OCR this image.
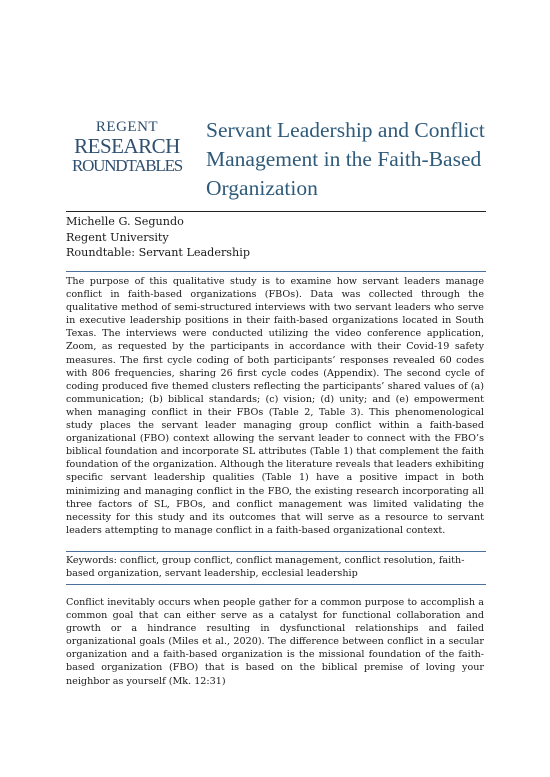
REGENT
RESEARCH
ROUNDTABLES
Servant Leadership and Conflict Management in the Faith-Based Organization
Michelle G. Segundo
Regent University
Roundtable: Servant Leadership
The purpose of this qualitative study is to examine how servant leaders manage conflict in faith-based organizations (FBOs). Data was collected through the qualitative method of semi-structured interviews with two servant leaders who serve in executive leadership positions in their faith-based organizations located in South Texas. The interviews were conducted utilizing the video conference application, Zoom, as requested by the participants in accordance with their Covid-19 safety measures. The first cycle coding of both participants’ responses revealed 60 codes with 806 frequencies, sharing 26 first cycle codes (Appendix). The second cycle of coding produced five themed clusters reflecting the participants’ shared values of (a) communication; (b) biblical standards; (c) vision; (d) unity; and (e) empowerment when managing conflict in their FBOs (Table 2, Table 3). This phenomenological study places the servant leader managing group conflict within a faith-based organizational (FBO) context allowing the servant leader to connect with the FBO’s biblical foundation and incorporate SL attributes (Table 1) that complement the faith foundation of the organization. Although the literature reveals that leaders exhibiting specific servant leadership qualities (Table 1) have a positive impact in both minimizing and managing conflict in the FBO, the existing research incorporating all three factors of SL, FBOs, and conflict management was limited validating the necessity for this study and its outcomes that will serve as a resource to servant leaders attempting to manage conflict in a faith-based organizational context.
Keywords: conflict, group conflict, conflict management, conflict resolution, faith-based organization, servant leadership, ecclesial leadership
Conflict inevitably occurs when people gather for a common purpose to accomplish a common goal that can either serve as a catalyst for functional collaboration and growth or a hindrance resulting in dysfunctional relationships and failed organizational goals (Miles et al., 2020). The difference between conflict in a secular organization and a faith-based organization is the missional foundation of the faith-based organization (FBO) that is based on the biblical premise of loving your neighbor as yourself (Mk. 12:31)
